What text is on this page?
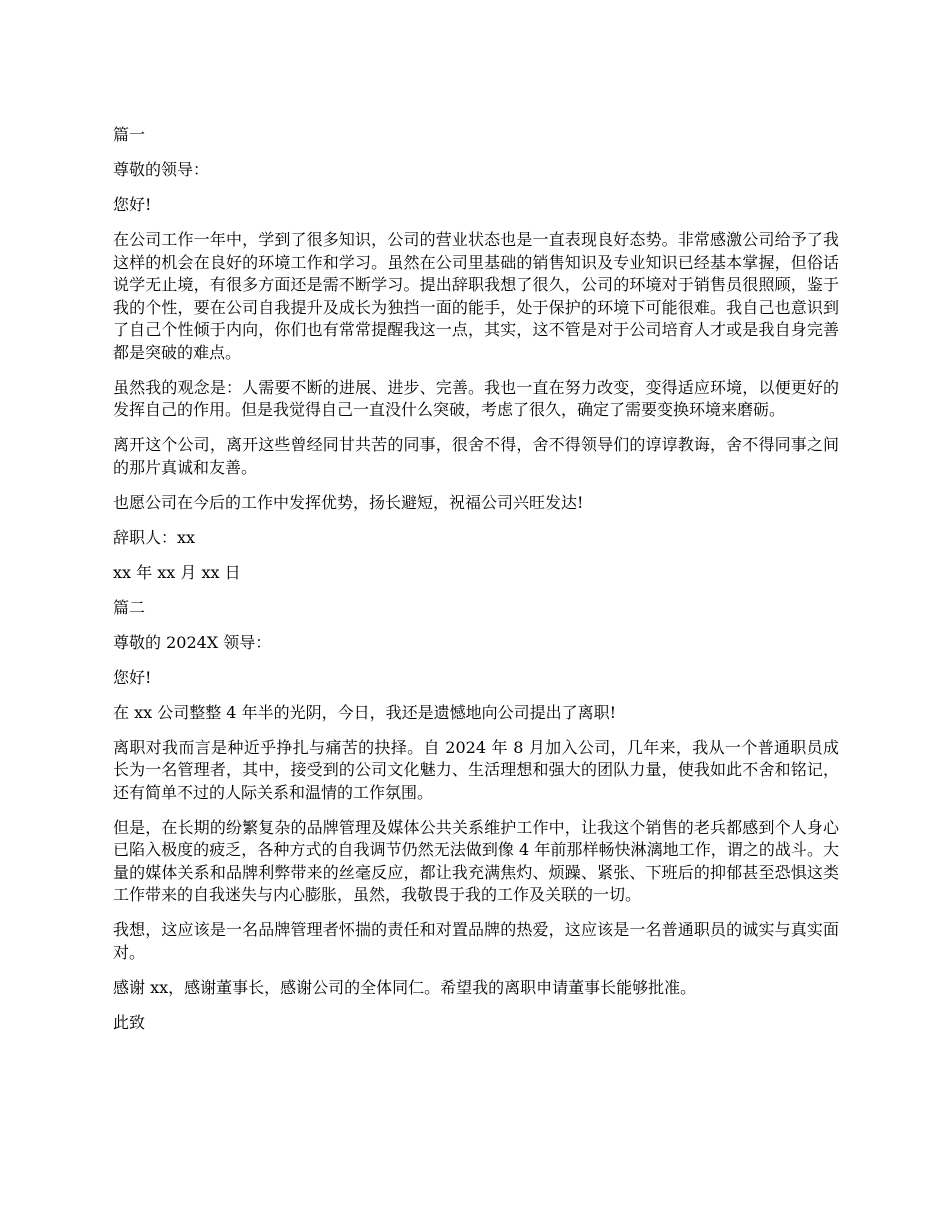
篇一

尊敬的领导：

您好!

在公司工作一年中，学到了很多知识，公司的营业状态也是一直表现良好态势。非常感激公司给予了我这样的机会在良好的环境工作和学习。虽然在公司里基础的销售知识及专业知识已经基本掌握，但俗话说学无止境，有很多方面还是需不断学习。提出辞职我想了很久，公司的环境对于销售员很照顾，鉴于我的个性，要在公司自我提升及成长为独挡一面的能手，处于保护的环境下可能很难。我自己也意识到了自己个性倾于内向，你们也有常常提醒我这一点，其实，这不管是对于公司培育人才或是我自身完善都是突破的难点。

虽然我的观念是：人需要不断的进展、进步、完善。我也一直在努力改变，变得适应环境，以便更好的发挥自己的作用。但是我觉得自己一直没什么突破，考虑了很久，确定了需要变换环境来磨砺。

离开这个公司，离开这些曾经同甘共苦的同事，很舍不得，舍不得领导们的谆谆教诲，舍不得同事之间的那片真诚和友善。

也愿公司在今后的工作中发挥优势，扬长避短，祝福公司兴旺发达!

辞职人：xx

xx 年 xx 月 xx 日

篇二

尊敬的 2024X 领导：

您好!

在 xx 公司整整 4 年半的光阴，今日，我还是遗憾地向公司提出了离职!

离职对我而言是种近乎挣扎与痛苦的抉择。自 2024 年 8 月加入公司，几年来，我从一个普通职员成长为一名管理者，其中，接受到的公司文化魅力、生活理想和强大的团队力量，使我如此不舍和铭记，还有简单不过的人际关系和温情的工作氛围。

但是，在长期的纷繁复杂的品牌管理及媒体公共关系维护工作中，让我这个销售的老兵都感到个人身心已陷入极度的疲乏，各种方式的自我调节仍然无法做到像 4 年前那样畅快淋漓地工作，谓之的战斗。大量的媒体关系和品牌利弊带来的丝毫反应，都让我充满焦灼、烦躁、紧张、下班后的抑郁甚至恐惧这类工作带来的自我迷失与内心膨胀，虽然，我敬畏于我的工作及关联的一切。

我想，这应该是一名品牌管理者怀揣的责任和对置品牌的热爱，这应该是一名普通职员的诚实与真实面对。

感谢 xx，感谢董事长，感谢公司的全体同仁。希望我的离职申请董事长能够批准。

此致
